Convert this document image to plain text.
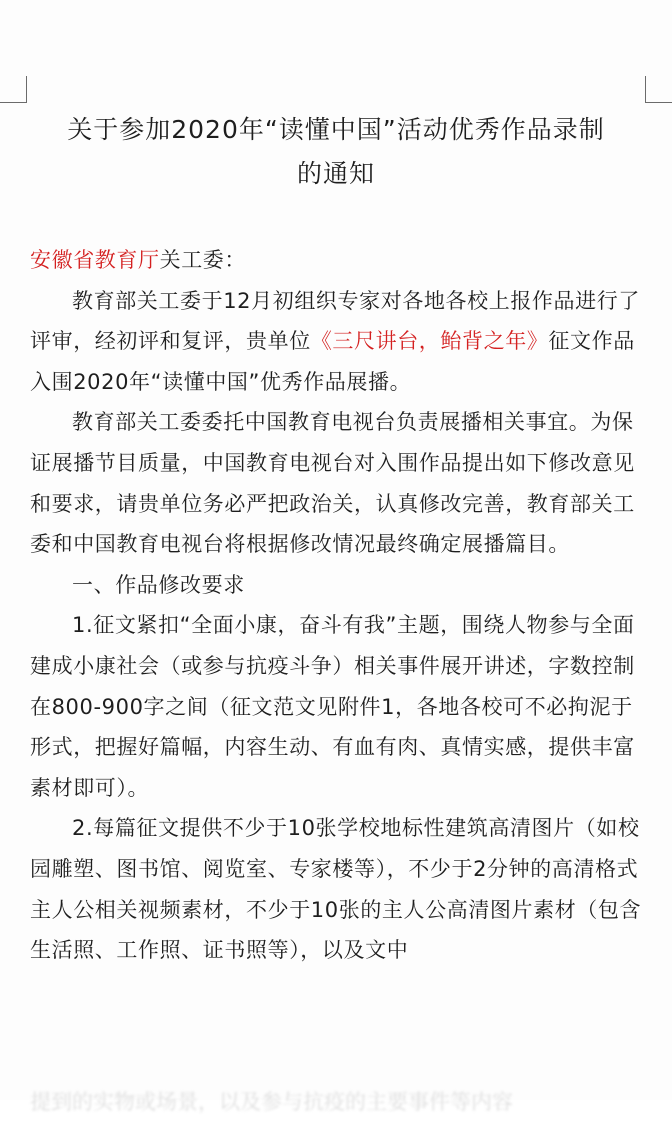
关于参加2020年“读懂中国”活动优秀作品录制
的通知

安徽省教育厅关工委：

教育部关工委于12月初组织专家对各地各校上报作品进行了评审，经初评和复评，贵单位《三尺讲台，鲐背之年》征文作品入围2020年“读懂中国”优秀作品展播。

教育部关工委委托中国教育电视台负责展播相关事宜。为保证展播节目质量，中国教育电视台对入围作品提出如下修改意见和要求，请贵单位务必严把政治关，认真修改完善，教育部关工委和中国教育电视台将根据修改情况最终确定展播篇目。

一、作品修改要求

1.征文紧扣“全面小康，奋斗有我”主题，围绕人物参与全面建成小康社会（或参与抗疫斗争）相关事件展开讲述，字数控制在800-900字之间（征文范文见附件1，各地各校可不必拘泥于形式，把握好篇幅，内容生动、有血有肉、真情实感，提供丰富素材即可）。

2.每篇征文提供不少于10张学校地标性建筑高清图片（如校园雕塑、图书馆、阅览室、专家楼等），不少于2分钟的高清格式主人公相关视频素材，不少于10张的主人公高清图片素材（包含生活照、工作照、证书照等），以及文中

提到的实物或场景，以及参与抗疫的主要事件等内容
